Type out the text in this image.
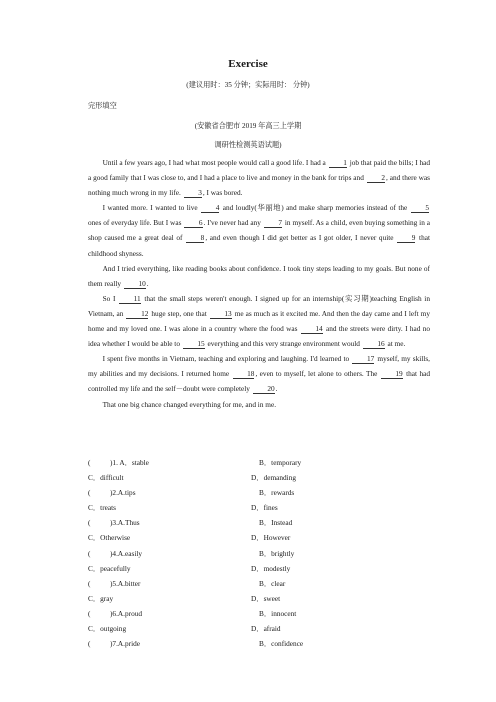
Exercise
(建议用时：35 分钟；实际用时： 分钟)
完形填空
(安徽省合肥市 2019 年高三上学期
调研性检测英语试题)

Until a few years ago, I had what most people would call a good life. I had a 1 job that paid the bills; I had a good family that I was close to, and I had a place to live and money in the bank for trips and 2, and there was nothing much wrong in my life. 3, I was bored.

I wanted more. I wanted to live 4 and loudly(华丽地) and make sharp memories instead of the 5 ones of everyday life. But I was 6. I've never had any 7 in myself. As a child, even buying something in a shop caused me a great deal of 8, and even though I did get better as I got older, I never quite 9 that childhood shyness.

And I tried everything, like reading books about confidence. I took tiny steps leading to my goals. But none of them really 10.

So I 11 that the small steps weren't enough. I signed up for an internship(实习期)teaching English in Vietnam, an 12 huge step, one that 13 me as much as it excited me. And then the day came and I left my home and my loved one. I was alone in a country where the food was 14 and the streets were dirty. I had no idea whether I would be able to 15 everything and this very strange environment would 16 at me.

I spent five months in Vietnam, teaching and exploring and laughing. I'd learned to 17 myself, my skills, my abilities and my decisions. I returned home 18, even to myself, let alone to others. The 19 that had controlled my life and the self－doubt were completely 20.

That one big chance changed everything for me, and in me.

(	)1. A．stable	B．temporary
C．difficult	D．demanding
(	)2.A.tips	B．rewards
C．treats	D．fines
(	)3.A.Thus	B．Instead
C．Otherwise	D．However
(	)4.A.easily	B．brightly
C．peacefully	D．modestly
(	)5.A.bitter	B．clear
C．gray	D．sweet
(	)6.A.proud	B．innocent
C．outgoing	D．afraid
(	)7.A.pride	B．confidence
